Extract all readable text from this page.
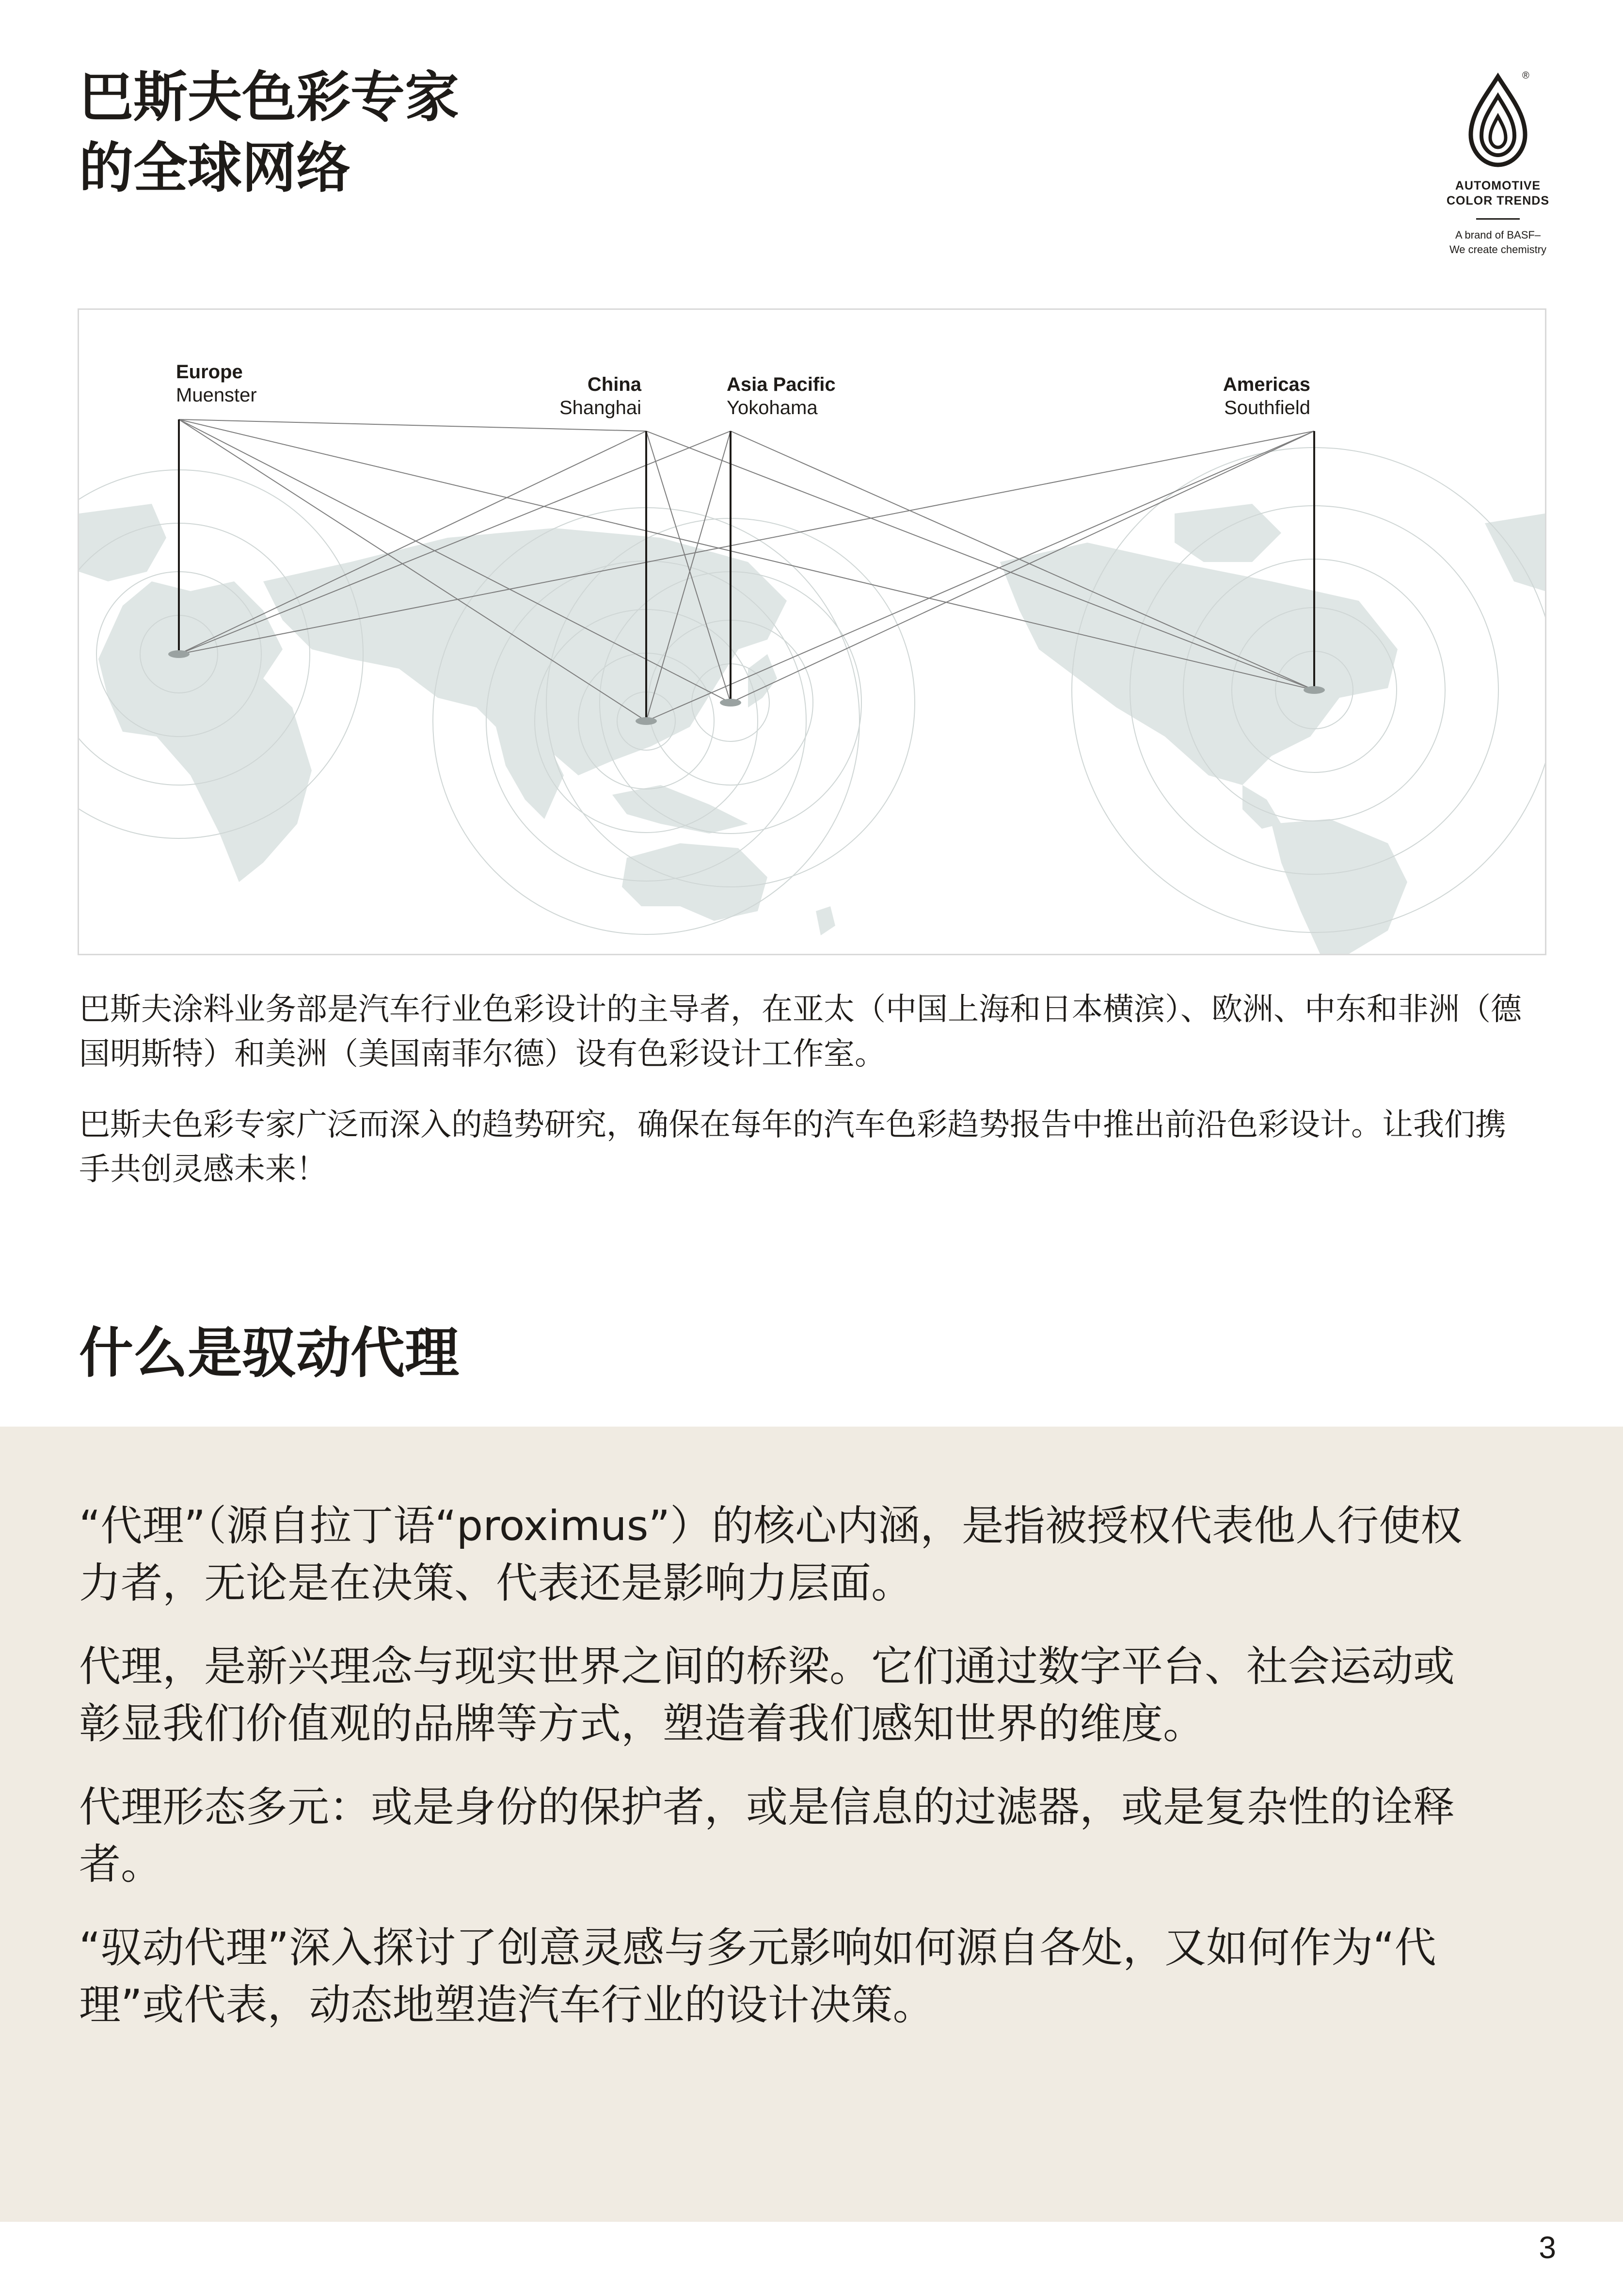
巴斯夫色彩专家
的全球网络
®
AUTOMOTIVE
COLOR TRENDS
A brand of BASF–
We create chemistry
Europe
Muenster	China
Shanghai
Asia Pacific
Yokohama
Americas
Southfield

巴斯夫涂料业务部是汽车行业色彩设计的主导者，在亚太（中国上海和日本横滨）、欧洲、中东和非洲（德国明斯特）和美洲（美国南菲尔德）设有色彩设计工作室。

巴斯夫色彩专家广泛而深入的趋势研究，确保在每年的汽车色彩趋势报告中推出前沿色彩设计。让我们携手共创灵感未来！

什么是驭动代理

“代理”（源自拉丁语“proximus”）的核心内涵，是指被授权代表他人行使权力者，无论是在决策、代表还是影响力层面。

代理，是新兴理念与现实世界之间的桥梁。它们通过数字平台、社会运动或彰显我们价值观的品牌等方式，塑造着我们感知世界的维度。

代理形态多元：或是身份的保护者，或是信息的过滤器，或是复杂性的诠释者。

“驭动代理”深入探讨了创意灵感与多元影响如何源自各处，又如何作为“代理”或代表，动态地塑造汽车行业的设计决策。

3
